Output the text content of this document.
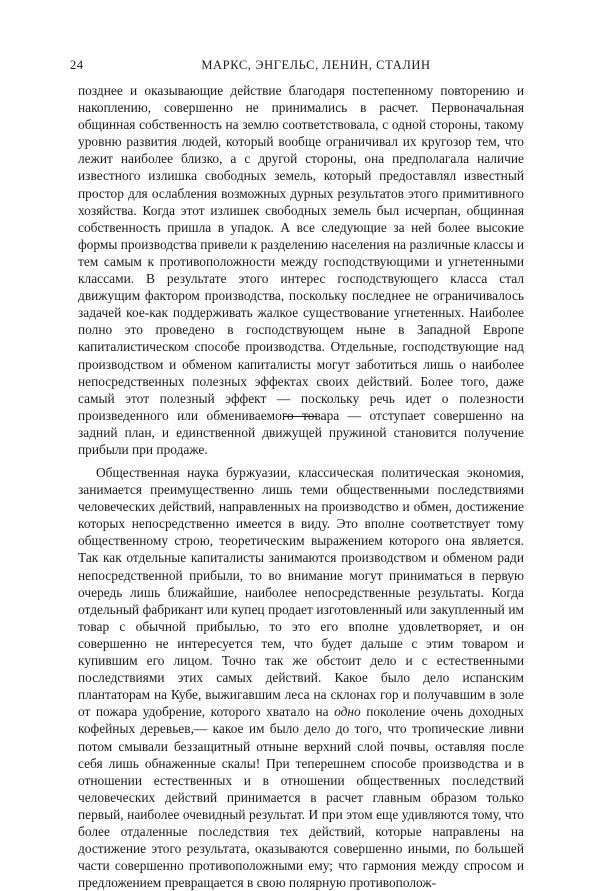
24	МАРКС, ЭНГЕЛЬС, ЛЕНИН, СТАЛИН

позднее и оказывающие действие благодаря постепенному повторению и накоплению, совершенно не принимались в расчет. Первоначальная общинная собственность на землю соответствовала, с одной стороны, такому уровню развития людей, который вообще ограничивал их кругозор тем, что лежит наиболее близко, а с другой стороны, она предполагала наличие известного излишка свободных земель, который предоставлял известный простор для ослабления возможных дурных результатов этого примитивного хозяйства. Когда этот излишек свободных земель был исчерпан, общинная собственность пришла в упадок. А все следующие за ней более высокие формы производства привели к разделению населения на различные классы и тем самым к противоположности между господствующими и угнетенными классами. В результате этого интерес господствующего класса стал движущим фактором производства, поскольку последнее не ограничивалось задачей кое-как поддерживать жалкое существование угнетенных. Наиболее полно это проведено в господствующем ныне в Западной Европе капиталистическом способе производства. Отдельные, господствующие над производством и обменом капиталисты могут заботиться лишь о наиболее непосредственных полезных эффектах своих действий. Более того, даже самый этот полезный эффект — поскольку речь идет о полезности произведенного или обмениваемого товара — отступает совершенно на задний план, и единственной движущей пружиной становится получение прибыли при продаже.

Общественная наука буржуазии, классическая политическая экономия, занимается преимущественно лишь теми общественными последствиями человеческих действий, направленных на производство и обмен, достижение которых непосредственно имеется в виду. Это вполне соответствует тому общественному строю, теоретическим выражением которого она является. Так как отдельные капиталисты занимаются производством и обменом ради непосредственной прибыли, то во внимание могут приниматься в первую очередь лишь ближайшие, наиболее непосредственные результаты. Когда отдельный фабрикант или купец продает изготовленный или закупленный им товар с обычной прибылью, то это его вполне удовлетворяет, и он совершенно не интересуется тем, что будет дальше с этим товаром и купившим его лицом. Точно так же обстоит дело и с естественными последствиями этих самых действий. Какое было дело испанским плантаторам на Кубе, выжигавшим леса на склонах гор и получавшим в золе от пожара удобрение, которого хватало на одно поколение очень доходных кофейных деревьев,— какое им было дело до того, что тропические ливни потом смывали беззащитный отныне верхний слой почвы, оставляя после себя лишь обнаженные скалы! При теперешнем способе производства и в отношении естественных и в отношении общественных последствий человеческих действий принимается в расчет главным образом только первый, наиболее очевидный результат. И при этом еще удивляются тому, что более отдаленные последствия тех действий, которые направлены на достижение этого результата, оказываются совершенно иными, по большей части совершенно противоположными ему; что гармония между спросом и предложением превращается в свою полярную противополож-
